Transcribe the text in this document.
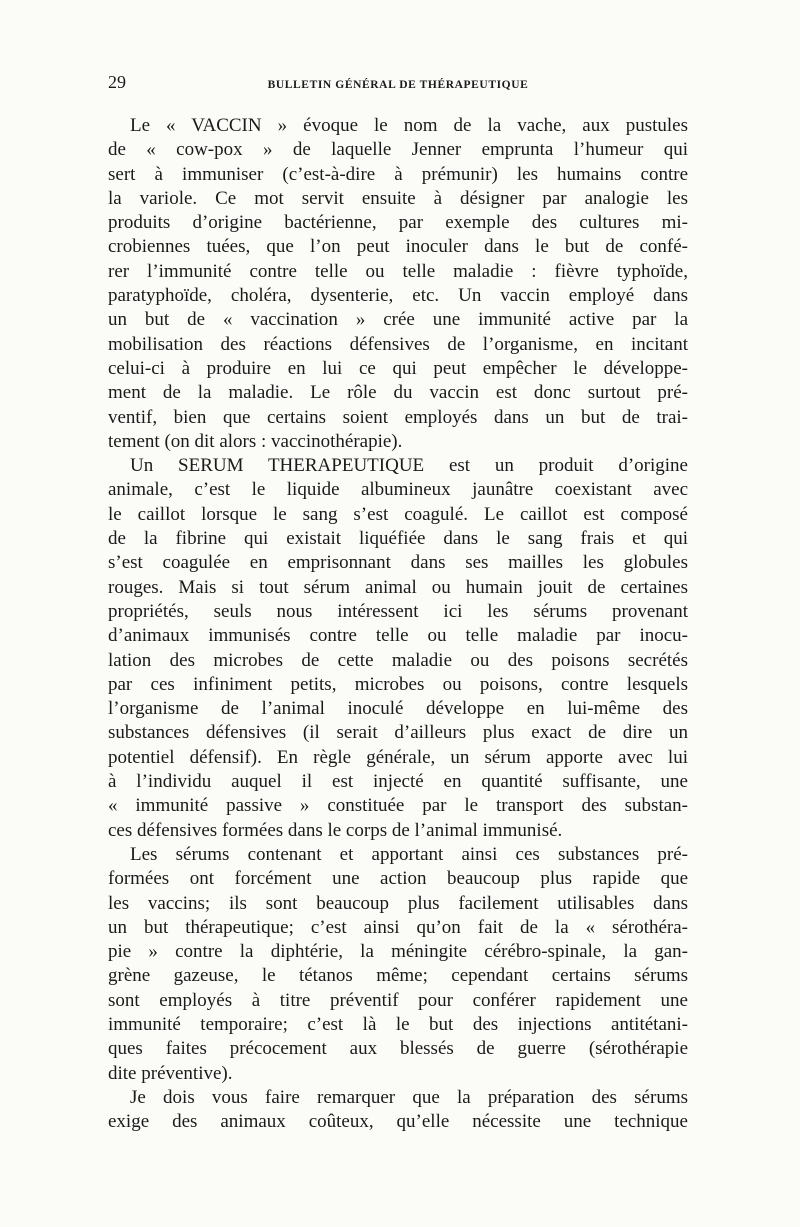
29	BULLETIN GÉNÉRAL DE THÉRAPEUTIQUE
Le « VACCIN » évoque le nom de la vache, aux pustules
de « cow-pox » de laquelle Jenner emprunta l’humeur qui
sert à immuniser (c’est-à-dire à prémunir) les humains contre
la variole. Ce mot servit ensuite à désigner par analogie les
produits d’origine bactérienne, par exemple des cultures mi-
crobiennes tuées, que l’on peut inoculer dans le but de confé-
rer l’immunité contre telle ou telle maladie : fièvre typhoïde,
paratyphoïde, choléra, dysenterie, etc. Un vaccin employé dans
un but de « vaccination » crée une immunité active par la
mobilisation des réactions défensives de l’organisme, en incitant
celui-ci à produire en lui ce qui peut empêcher le développe-
ment de la maladie. Le rôle du vaccin est donc surtout pré-
ventif, bien que certains soient employés dans un but de trai-
tement (on dit alors : vaccinothérapie).
Un SERUM THERAPEUTIQUE est un produit d’origine
animale, c’est le liquide albumineux jaunâtre coexistant avec
le caillot lorsque le sang s’est coagulé. Le caillot est composé
de la fibrine qui existait liquéfiée dans le sang frais et qui
s’est coagulée en emprisonnant dans ses mailles les globules
rouges. Mais si tout sérum animal ou humain jouit de certaines
propriétés, seuls nous intéressent ici les sérums provenant
d’animaux immunisés contre telle ou telle maladie par inocu-
lation des microbes de cette maladie ou des poisons secrétés
par ces infiniment petits, microbes ou poisons, contre lesquels
l’organisme de l’animal inoculé développe en lui-même des
substances défensives (il serait d’ailleurs plus exact de dire un
potentiel défensif). En règle générale, un sérum apporte avec lui
à l’individu auquel il est injecté en quantité suffisante, une
« immunité passive » constituée par le transport des substan-
ces défensives formées dans le corps de l’animal immunisé.
Les sérums contenant et apportant ainsi ces substances pré-
formées ont forcément une action beaucoup plus rapide que
les vaccins; ils sont beaucoup plus facilement utilisables dans
un but thérapeutique; c’est ainsi qu’on fait de la « sérothéra-
pie » contre la diphtérie, la méningite cérébro-spinale, la gan-
grène gazeuse, le tétanos même; cependant certains sérums
sont employés à titre préventif pour conférer rapidement une
immunité temporaire; c’est là le but des injections antitétani-
ques faites précocement aux blessés de guerre (sérothérapie
dite préventive).
Je dois vous faire remarquer que la préparation des sérums
exige des animaux coûteux, qu’elle nécessite une technique
